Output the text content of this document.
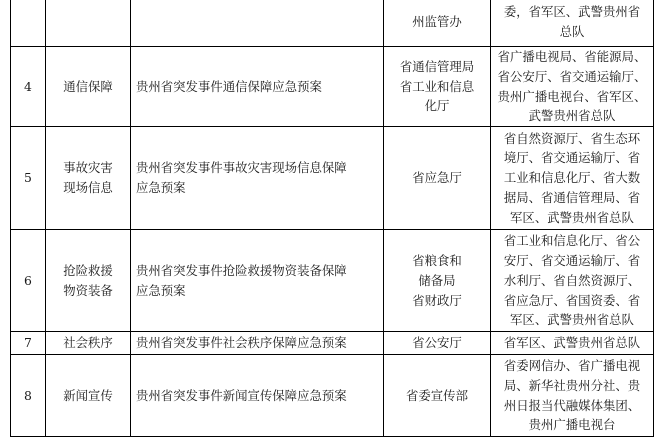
			州监管办	委，省军区、武警贵州省
总队

4	通信保障	贵州省突发事件通信保障应急预案	省通信管理局
省工业和信息
化厅	省广播电视局、省能源局、
省公安厅、省交通运输厅、
贵州广播电视台、省军区、
武警贵州省总队

5	事故灾害
现场信息	贵州省突发事件事故灾害现场信息保障
应急预案	省应急厅	省自然资源厅、省生态环
境厅、省交通运输厅、省
工业和信息化厅、省大数
据局、省通信管理局、省
军区、武警贵州省总队

6	抢险救援
物资装备	贵州省突发事件抢险救援物资装备保障
应急预案	省粮食和
储备局
省财政厅	省工业和信息化厅、省公
安厅、省交通运输厅、省
水利厅、省自然资源厅、
省应急厅、省国资委、省
军区、武警贵州省总队

7	社会秩序	贵州省突发事件社会秩序保障应急预案	省公安厅	省军区、武警贵州省总队

8	新闻宣传	贵州省突发事件新闻宣传保障应急预案	省委宣传部	省委网信办、省广播电视
局、新华社贵州分社、贵
州日报当代融媒体集团、
贵州广播电视台
